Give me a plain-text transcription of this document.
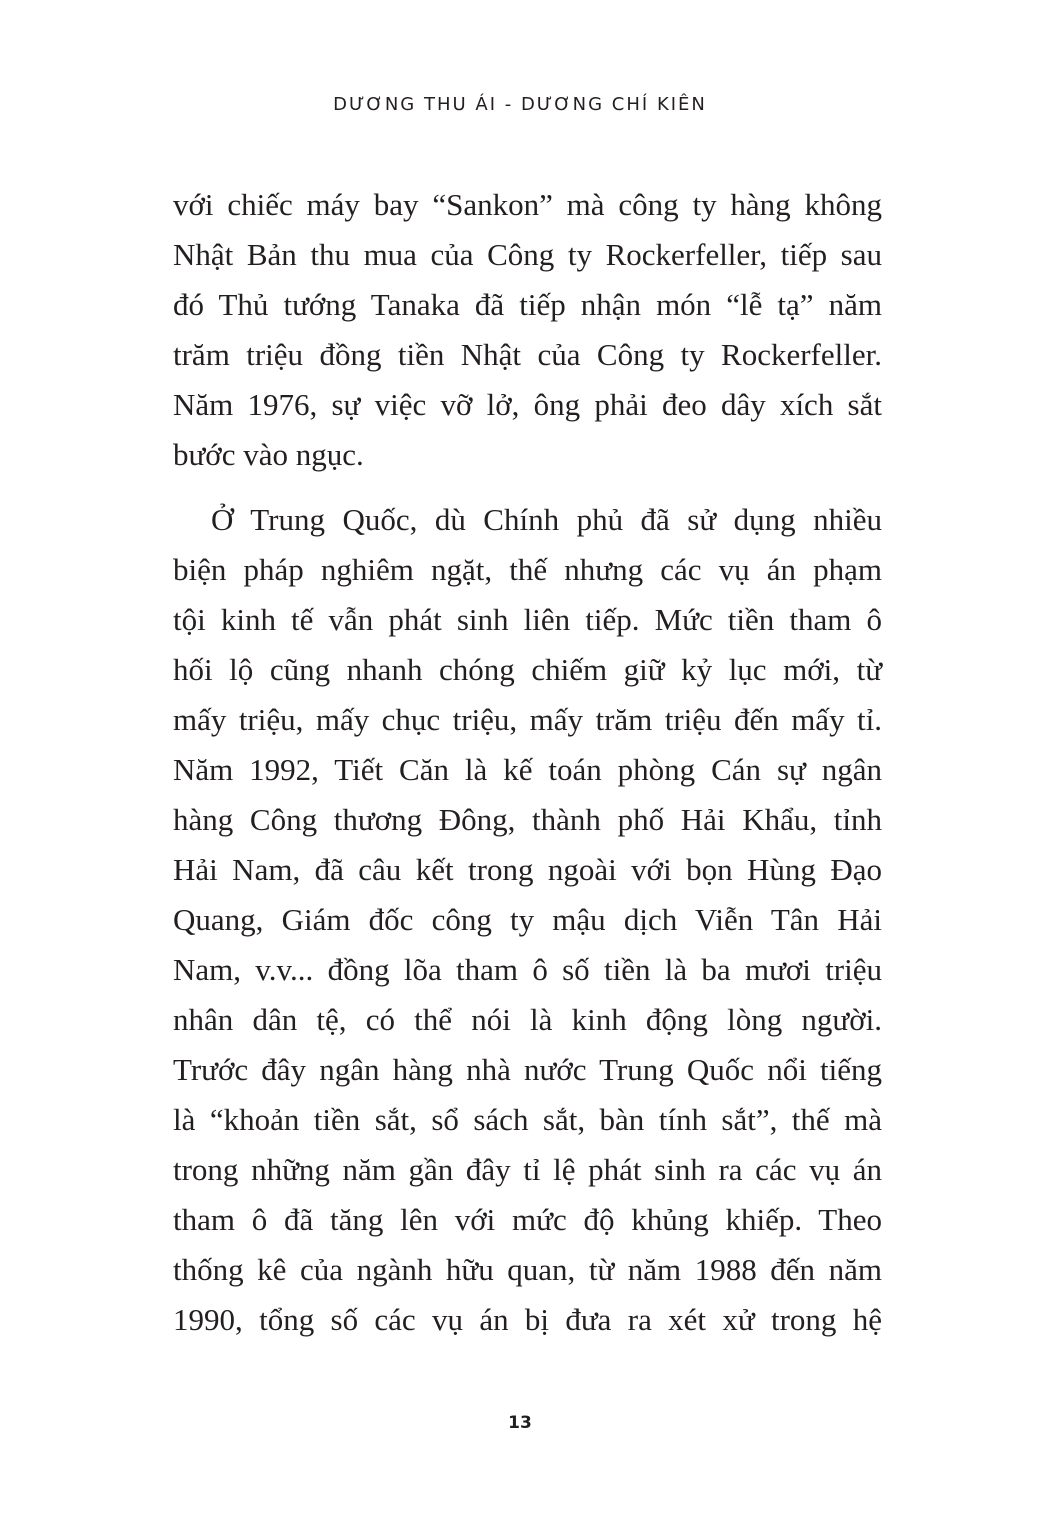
DƯƠNG THU ÁI - DƯƠNG CHÍ KIÊN
với chiếc máy bay “Sankon” mà công ty hàng không
Nhật Bản thu mua của Công ty Rockerfeller, tiếp sau
đó Thủ tướng Tanaka đã tiếp nhận món “lễ tạ” năm
trăm triệu đồng tiền Nhật của Công ty Rockerfeller.
Năm 1976, sự việc vỡ lở, ông phải đeo dây xích sắt
bước vào ngục.
Ở Trung Quốc, dù Chính phủ đã sử dụng nhiều
biện pháp nghiêm ngặt, thế nhưng các vụ án phạm
tội kinh tế vẫn phát sinh liên tiếp. Mức tiền tham ô
hối lộ cũng nhanh chóng chiếm giữ kỷ lục mới, từ
mấy triệu, mấy chục triệu, mấy trăm triệu đến mấy tỉ.
Năm 1992, Tiết Căn là kế toán phòng Cán sự ngân
hàng Công thương Đông, thành phố Hải Khẩu, tỉnh
Hải Nam, đã câu kết trong ngoài với bọn Hùng Đạo
Quang, Giám đốc công ty mậu dịch Viễn Tân Hải
Nam, v.v... đồng lõa tham ô số tiền là ba mươi triệu
nhân dân tệ, có thể nói là kinh động lòng người.
Trước đây ngân hàng nhà nước Trung Quốc nổi tiếng
là “khoản tiền sắt, sổ sách sắt, bàn tính sắt”, thế mà
trong những năm gần đây tỉ lệ phát sinh ra các vụ án
tham ô đã tăng lên với mức độ khủng khiếp. Theo
thống kê của ngành hữu quan, từ năm 1988 đến năm
1990, tổng số các vụ án bị đưa ra xét xử trong hệ
13
